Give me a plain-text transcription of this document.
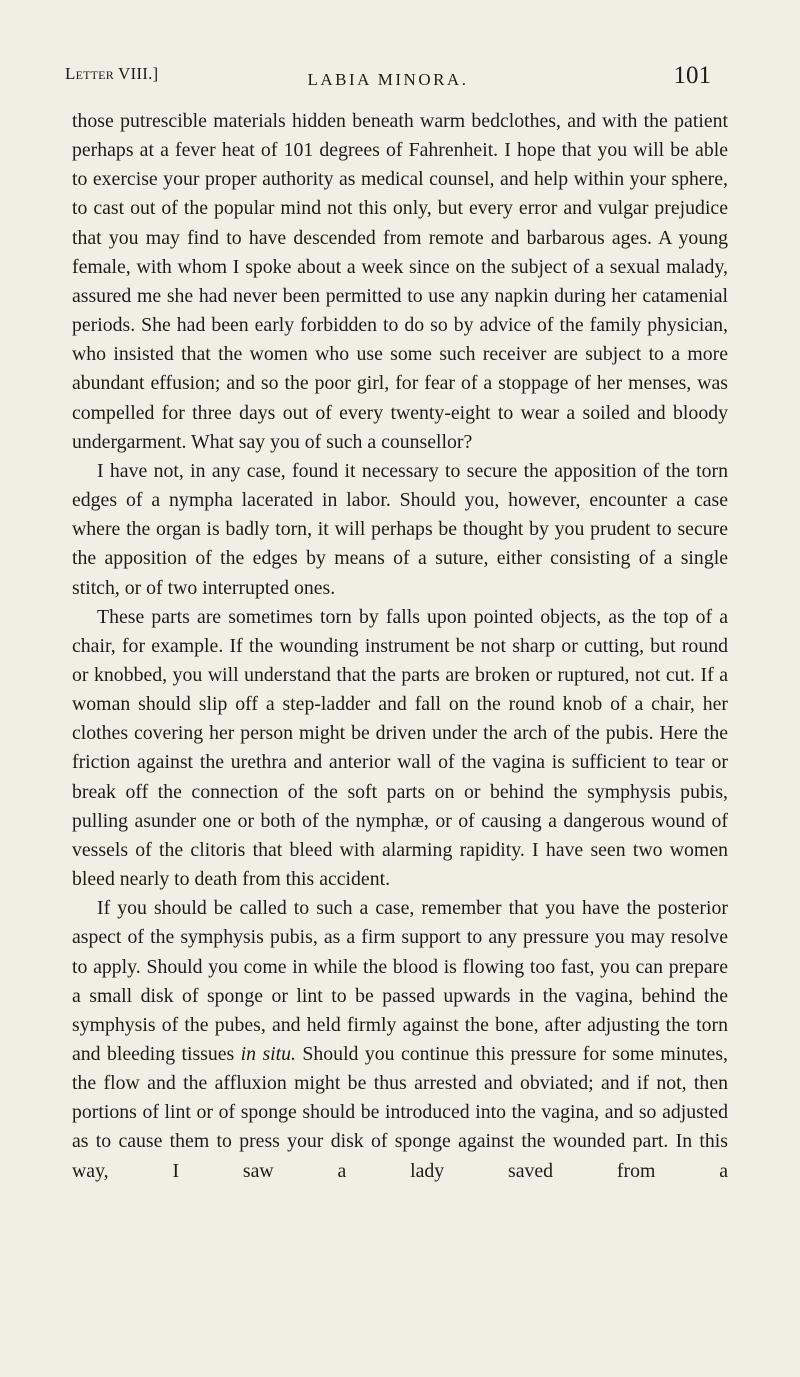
Letter VIII.]	LABIA MINORA.	101

those putrescible materials hidden beneath warm bedclothes, and with the patient perhaps at a fever heat of 101 degrees of Fahrenheit. I hope that you will be able to exercise your proper authority as medical counsel, and help within your sphere, to cast out of the popular mind not this only, but every error and vulgar prejudice that you may find to have descended from remote and barbarous ages. A young female, with whom I spoke about a week since on the subject of a sexual malady, assured me she had never been permitted to use any napkin during her catamenial periods. She had been early forbidden to do so by advice of the family physician, who insisted that the women who use some such receiver are subject to a more abundant effusion; and so the poor girl, for fear of a stoppage of her menses, was compelled for three days out of every twenty-eight to wear a soiled and bloody undergarment. What say you of such a counsellor?

I have not, in any case, found it necessary to secure the apposition of the torn edges of a nympha lacerated in labor. Should you, however, encounter a case where the organ is badly torn, it will perhaps be thought by you prudent to secure the apposition of the edges by means of a suture, either consisting of a single stitch, or of two interrupted ones.

These parts are sometimes torn by falls upon pointed objects, as the top of a chair, for example. If the wounding instrument be not sharp or cutting, but round or knobbed, you will understand that the parts are broken or ruptured, not cut. If a woman should slip off a step-ladder and fall on the round knob of a chair, her clothes covering her person might be driven under the arch of the pubis. Here the friction against the urethra and anterior wall of the vagina is sufficient to tear or break off the connection of the soft parts on or behind the symphysis pubis, pulling asunder one or both of the nymphæ, or of causing a dangerous wound of vessels of the clitoris that bleed with alarming rapidity. I have seen two women bleed nearly to death from this accident.

If you should be called to such a case, remember that you have the posterior aspect of the symphysis pubis, as a firm support to any pressure you may resolve to apply. Should you come in while the blood is flowing too fast, you can prepare a small disk of sponge or lint to be passed upwards in the vagina, behind the symphysis of the pubes, and held firmly against the bone, after adjusting the torn and bleeding tissues in situ. Should you continue this pressure for some minutes, the flow and the affluxion might be thus arrested and obviated; and if not, then portions of lint or of sponge should be introduced into the vagina, and so adjusted as to cause them to press your disk of sponge against the wounded part. In this way, I saw a lady saved from a
